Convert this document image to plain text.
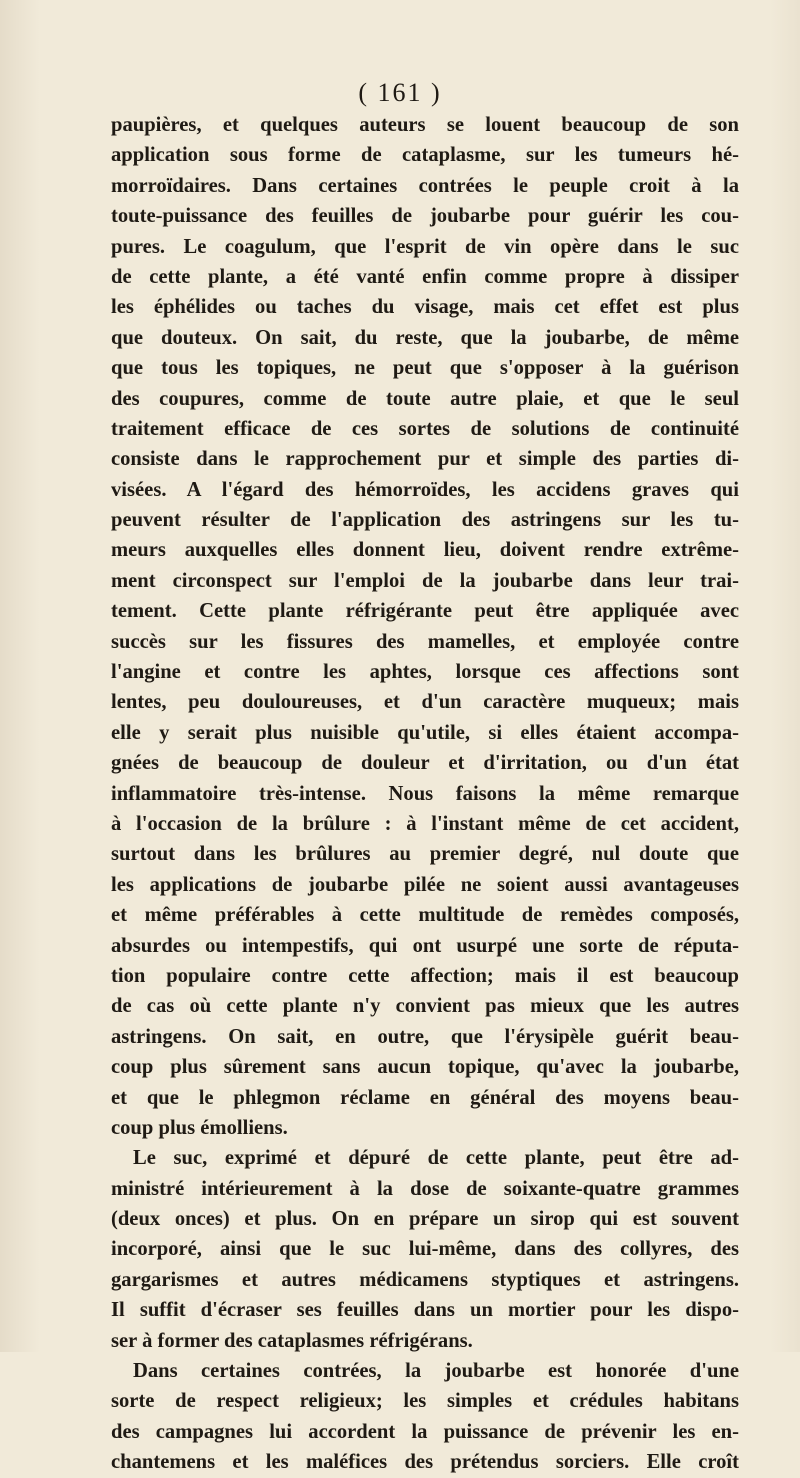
( 161 )
paupières, et quelques auteurs se louent beaucoup de son
application sous forme de cataplasme, sur les tumeurs hé-
morroïdaires. Dans certaines contrées le peuple croit à la
toute-puissance des feuilles de joubarbe pour guérir les cou-
pures. Le coagulum, que l'esprit de vin opère dans le suc
de cette plante, a été vanté enfin comme propre à dissiper
les éphélides ou taches du visage, mais cet effet est plus
que douteux. On sait, du reste, que la joubarbe, de même
que tous les topiques, ne peut que s'opposer à la guérison
des coupures, comme de toute autre plaie, et que le seul
traitement efficace de ces sortes de solutions de continuité
consiste dans le rapprochement pur et simple des parties di-
visées. A l'égard des hémorroïdes, les accidens graves qui
peuvent résulter de l'application des astringens sur les tu-
meurs auxquelles elles donnent lieu, doivent rendre extrême-
ment circonspect sur l'emploi de la joubarbe dans leur trai-
tement. Cette plante réfrigérante peut être appliquée avec
succès sur les fissures des mamelles, et employée contre
l'angine et contre les aphtes, lorsque ces affections sont
lentes, peu douloureuses, et d'un caractère muqueux; mais
elle y serait plus nuisible qu'utile, si elles étaient accompa-
gnées de beaucoup de douleur et d'irritation, ou d'un état
inflammatoire très-intense. Nous faisons la même remarque
à l'occasion de la brûlure : à l'instant même de cet accident,
surtout dans les brûlures au premier degré, nul doute que
les applications de joubarbe pilée ne soient aussi avantageuses
et même préférables à cette multitude de remèdes composés,
absurdes ou intempestifs, qui ont usurpé une sorte de réputa-
tion populaire contre cette affection; mais il est beaucoup
de cas où cette plante n'y convient pas mieux que les autres
astringens. On sait, en outre, que l'érysipèle guérit beau-
coup plus sûrement sans aucun topique, qu'avec la joubarbe,
et que le phlegmon réclame en général des moyens beau-
coup plus émolliens.
Le suc, exprimé et dépuré de cette plante, peut être ad-
ministré intérieurement à la dose de soixante-quatre grammes
(deux onces) et plus. On en prépare un sirop qui est souvent
incorporé, ainsi que le suc lui-même, dans des collyres, des
gargarismes et autres médicamens styptiques et astringens.
Il suffit d'écraser ses feuilles dans un mortier pour les dispo-
ser à former des cataplasmes réfrigérans.
Dans certaines contrées, la joubarbe est honorée d'une
sorte de respect religieux; les simples et crédules habitans
des campagnes lui accordent la puissance de prévenir les en-
chantemens et les maléfices des prétendus sorciers. Elle croît
